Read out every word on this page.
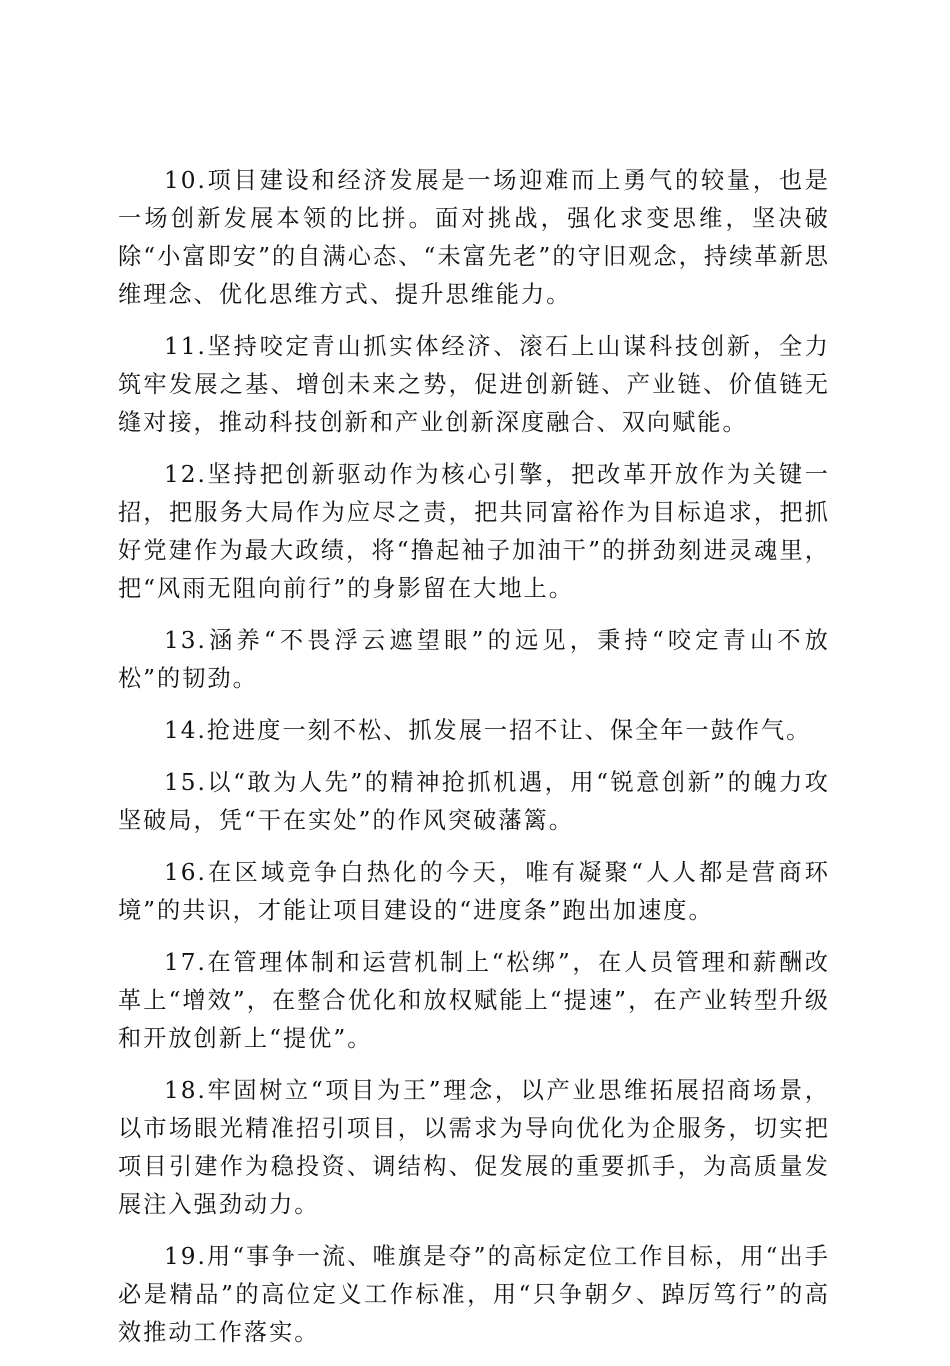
10.项目建设和经济发展是一场迎难而上勇气的较量，也是一场创新发展本领的比拼。面对挑战，强化求变思维，坚决破除“小富即安”的自满心态、“未富先老”的守旧观念，持续革新思维理念、优化思维方式、提升思维能力。

11.坚持咬定青山抓实体经济、滚石上山谋科技创新，全力筑牢发展之基、增创未来之势，促进创新链、产业链、价值链无缝对接，推动科技创新和产业创新深度融合、双向赋能。

12.坚持把创新驱动作为核心引擎，把改革开放作为关键一招，把服务大局作为应尽之责，把共同富裕作为目标追求，把抓好党建作为最大政绩，将“撸起袖子加油干”的拼劲刻进灵魂里，把“风雨无阻向前行”的身影留在大地上。

13.涵养“不畏浮云遮望眼”的远见，秉持“咬定青山不放松”的韧劲。

14.抢进度一刻不松、抓发展一招不让、保全年一鼓作气。

15.以“敢为人先”的精神抢抓机遇，用“锐意创新”的魄力攻坚破局，凭“干在实处”的作风突破藩篱。

16.在区域竞争白热化的今天，唯有凝聚“人人都是营商环境”的共识，才能让项目建设的“进度条”跑出加速度。

17.在管理体制和运营机制上“松绑”，在人员管理和薪酬改革上“增效”，在整合优化和放权赋能上“提速”，在产业转型升级和开放创新上“提优”。

18.牢固树立“项目为王”理念，以产业思维拓展招商场景，以市场眼光精准招引项目，以需求为导向优化为企服务，切实把项目引建作为稳投资、调结构、促发展的重要抓手，为高质量发展注入强劲动力。

19.用“事争一流、唯旗是夺”的高标定位工作目标，用“出手必是精品”的高位定义工作标准，用“只争朝夕、踔厉笃行”的高效推动工作落实。
